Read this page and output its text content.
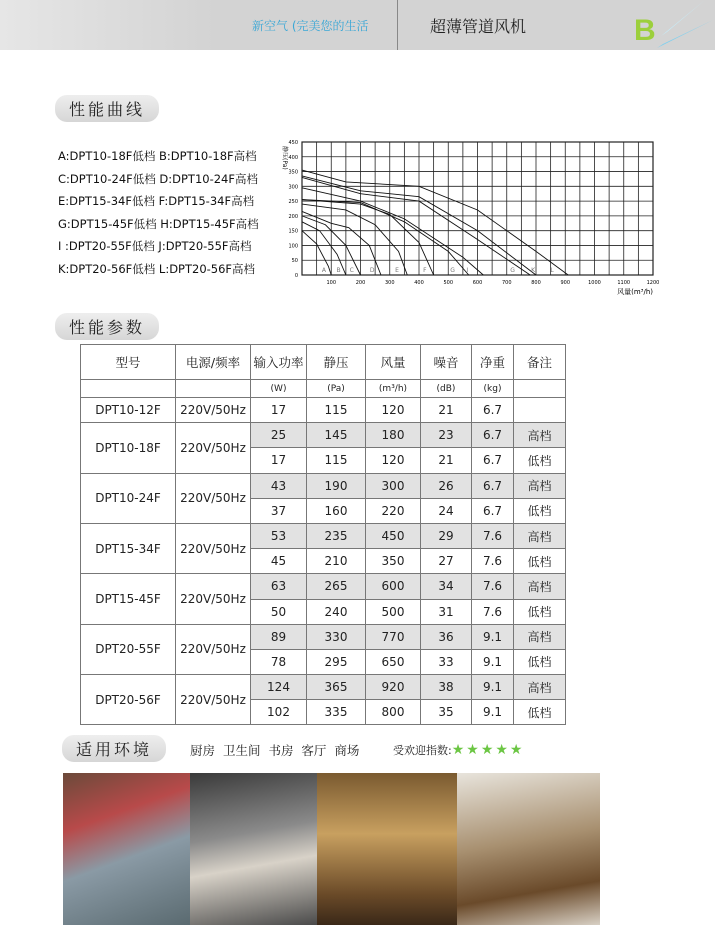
新空气 (完美您的生活	超薄管道风机	B
性能曲线
A:DPT10-18F低档 B:DPT10-18F高档
C:DPT10-24F低档 D:DPT10-24F高档
E:DPT15-34F低档 F:DPT15-34F高档
G:DPT15-45F低档 H:DPT15-45F高档
I :DPT20-55F低档 J:DPT20-55F高档
K:DPT20-56F低档 L:DPT20-56F高档	0
50
100
150
200
250
300
350
400
450
100	200	300	400	500	600	700	800	900	1000	1100	1200
静压(Pa)
风量(m³/h)
A B C	D	E	F	G I	G	K	L
性能参数
型号	电源/频率	输入功率	静压	风量	噪音	净重	备注
		(W)	(Pa)	(m³/h)	(dB)	(kg)	
DPT10-12F	220V/50Hz	17	115	120	21	6.7	
DPT10-18F	220V/50Hz	25	145	180	23	6.7	高档
		17	115	120	21	6.7	低档
DPT10-24F	220V/50Hz	43	190	300	26	6.7	高档
		37	160	220	24	6.7	低档
DPT15-34F	220V/50Hz	53	235	450	29	7.6	高档
		45	210	350	27	7.6	低档
DPT15-45F	220V/50Hz	63	265	600	34	7.6	高档
		50	240	500	31	7.6	低档
DPT20-55F	220V/50Hz	89	330	770	36	9.1	高档
		78	295	650	33	9.1	低档
DPT20-56F	220V/50Hz	124	365	920	38	9.1	高档
		102	335	800	35	9.1	低档
适用环境	厨房 卫生间 书房 客厅 商场	受欢迎指数:★★★★★
